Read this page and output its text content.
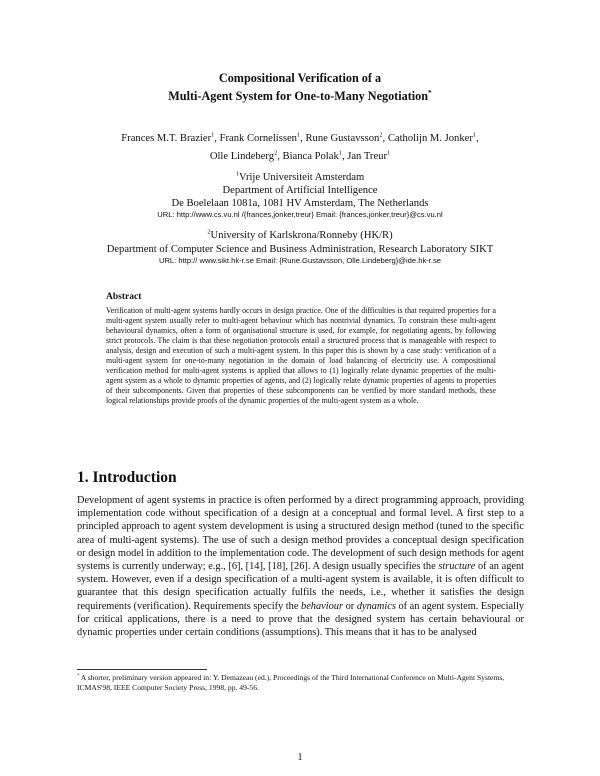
Compositional Verification of a
Multi-Agent System for One-to-Many Negotiation*
Frances M.T. Brazier$^1$, Frank Cornelissen$^1$, Rune Gustavsson$^2$, Catholijn M. Jonker$^1$,
Olle Lindeberg$^2$, Bianca Polak$^1$, Jan Treur$^1$
$^1$Vrije Universiteit Amsterdam
Department of Artificial Intelligence
De Boelelaan 1081a, 1081 HV Amsterdam, The Netherlands
URL: http://www.cs.vu.nl /{frances,jonker,treur} Email: {frances,jonker,treur}@cs.vu.nl
$^2$University of Karlskrona/Ronneby (HK/R)
Department of Computer Science and Business Administration, Research Laboratory SIKT
URL: http:// www.sikt.hk-r.se Email: {Rune.Gustavsson, Olle.Lindeberg}@ide.hk-r.se
Abstract
Verification of multi-agent systems hardly occurs in design practice. One of the difficulties is that required properties for a multi-agent system usually refer to multi-agent behaviour which has nontrivial dynamics. To constrain these multi-agent behavioural dynamics, often a form of organisational structure is used, for example, for negotiating agents, by following strict protocols. The claim is that these negotiation protocols entail a structured process that is manageable with respect to analysis, design and execution of such a multi-agent system. In this paper this is shown by a case study: verification of a multi-agent system for one-to-many negotiation in the domain of load balancing of electricity use. A compositional verification method for multi-agent systems is applied that allows to (1) logically relate dynamic properties of the multi-agent system as a whole to dynamic properties of agents, and (2) logically relate dynamic properties of agents to properties of their subcomponents. Given that properties of these subcomponents can be verified by more standard methods, these logical relationships provide proofs of the dynamic properties of the multi-agent system as a whole.
1. Introduction
Development of agent systems in practice is often performed by a direct programming approach, providing implementation code without specification of a design at a conceptual and formal level. A first step to a principled approach to agent system development is using a structured design method (tuned to the specific area of multi-agent systems). The use of such a design method provides a conceptual design specification or design model in addition to the implementation code. The development of such design methods for agent systems is currently underway; e.g., [6], [14], [18], [26]. A design usually specifies the structure of an agent system. However, even if a design specification of a multi-agent system is available, it is often difficult to guarantee that this design specification actually fulfils the needs, i.e., whether it satisfies the design requirements (verification). Requirements specify the behaviour or dynamics of an agent system. Especially for critical applications, there is a need to prove that the designed system has certain behavioural or dynamic properties under certain conditions (assumptions). This means that it has to be analysed
* A shorter, preliminary version appeared in: Y. Demazeau (ed.), Proceedings of the Third International Conference on Multi-Agent Systems, ICMAS'98, IEEE Computer Society Press, 1998, pp. 49-56.
1
